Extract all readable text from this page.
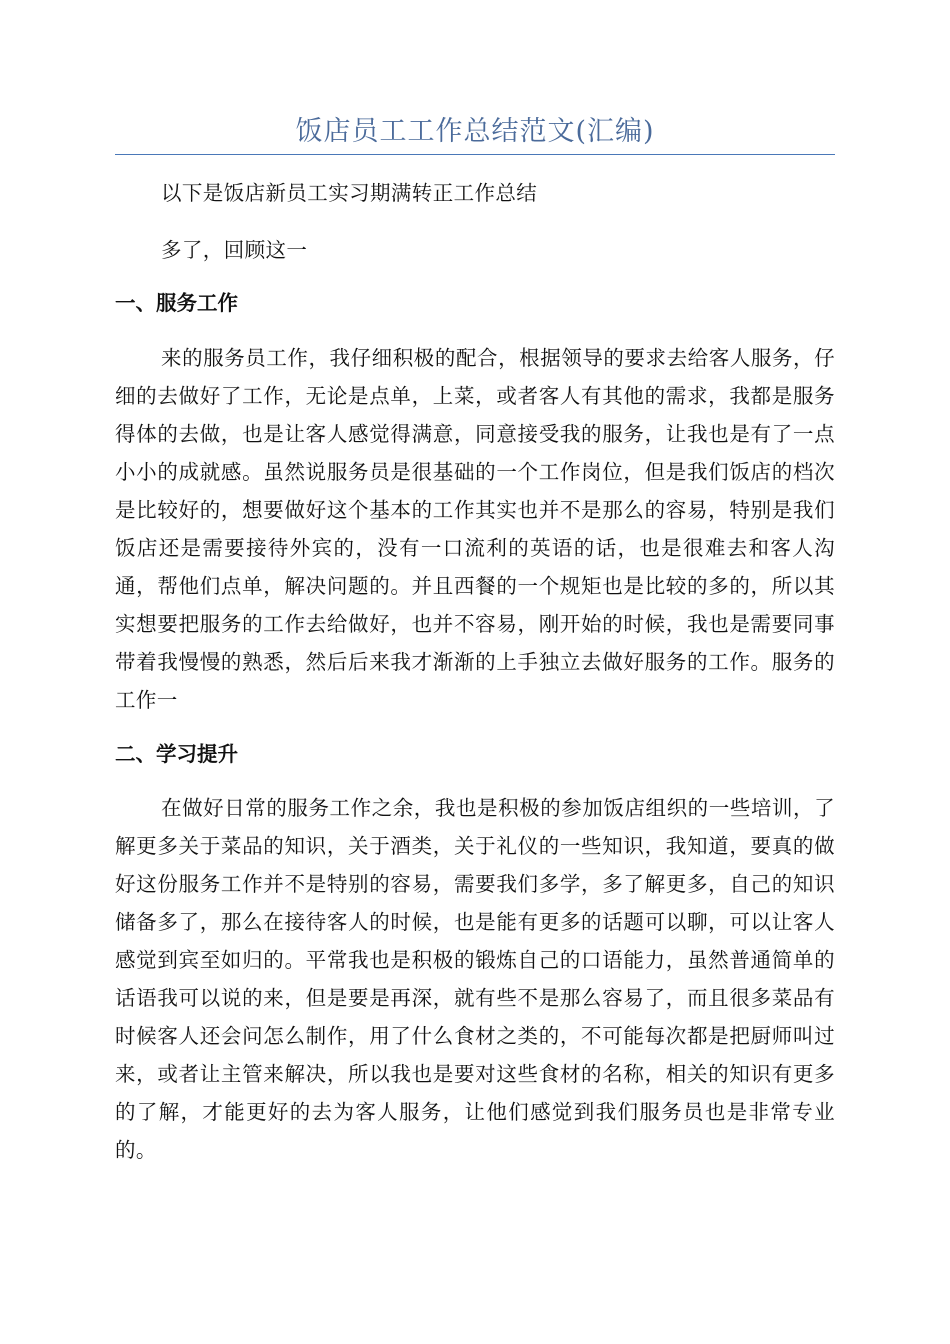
饭店员工工作总结范文(汇编)

以下是饭店新员工实习期满转正工作总结

多了，回顾这一

一、服务工作

来的服务员工作，我仔细积极的配合，根据领导的要求去给客人服务，仔细的去做好了工作，无论是点单，上菜，或者客人有其他的需求，我都是服务得体的去做，也是让客人感觉得满意，同意接受我的服务，让我也是有了一点小小的成就感。虽然说服务员是很基础的一个工作岗位，但是我们饭店的档次是比较好的，想要做好这个基本的工作其实也并不是那么的容易，特别是我们饭店还是需要接待外宾的，没有一口流利的英语的话，也是很难去和客人沟通，帮他们点单，解决问题的。并且西餐的一个规矩也是比较的多的，所以其实想要把服务的工作去给做好，也并不容易，刚开始的时候，我也是需要同事带着我慢慢的熟悉，然后后来我才渐渐的上手独立去做好服务的工作。服务的工作一

二、学习提升

在做好日常的服务工作之余，我也是积极的参加饭店组织的一些培训，了解更多关于菜品的知识，关于酒类，关于礼仪的一些知识，我知道，要真的做好这份服务工作并不是特别的容易，需要我们多学，多了解更多，自己的知识储备多了，那么在接待客人的时候，也是能有更多的话题可以聊，可以让客人感觉到宾至如归的。平常我也是积极的锻炼自己的口语能力，虽然普通简单的话语我可以说的来，但是要是再深，就有些不是那么容易了，而且很多菜品有时候客人还会问怎么制作，用了什么食材之类的，不可能每次都是把厨师叫过来，或者让主管来解决，所以我也是要对这些食材的名称，相关的知识有更多的了解，才能更好的去为客人服务，让他们感觉到我们服务员也是非常专业的。
